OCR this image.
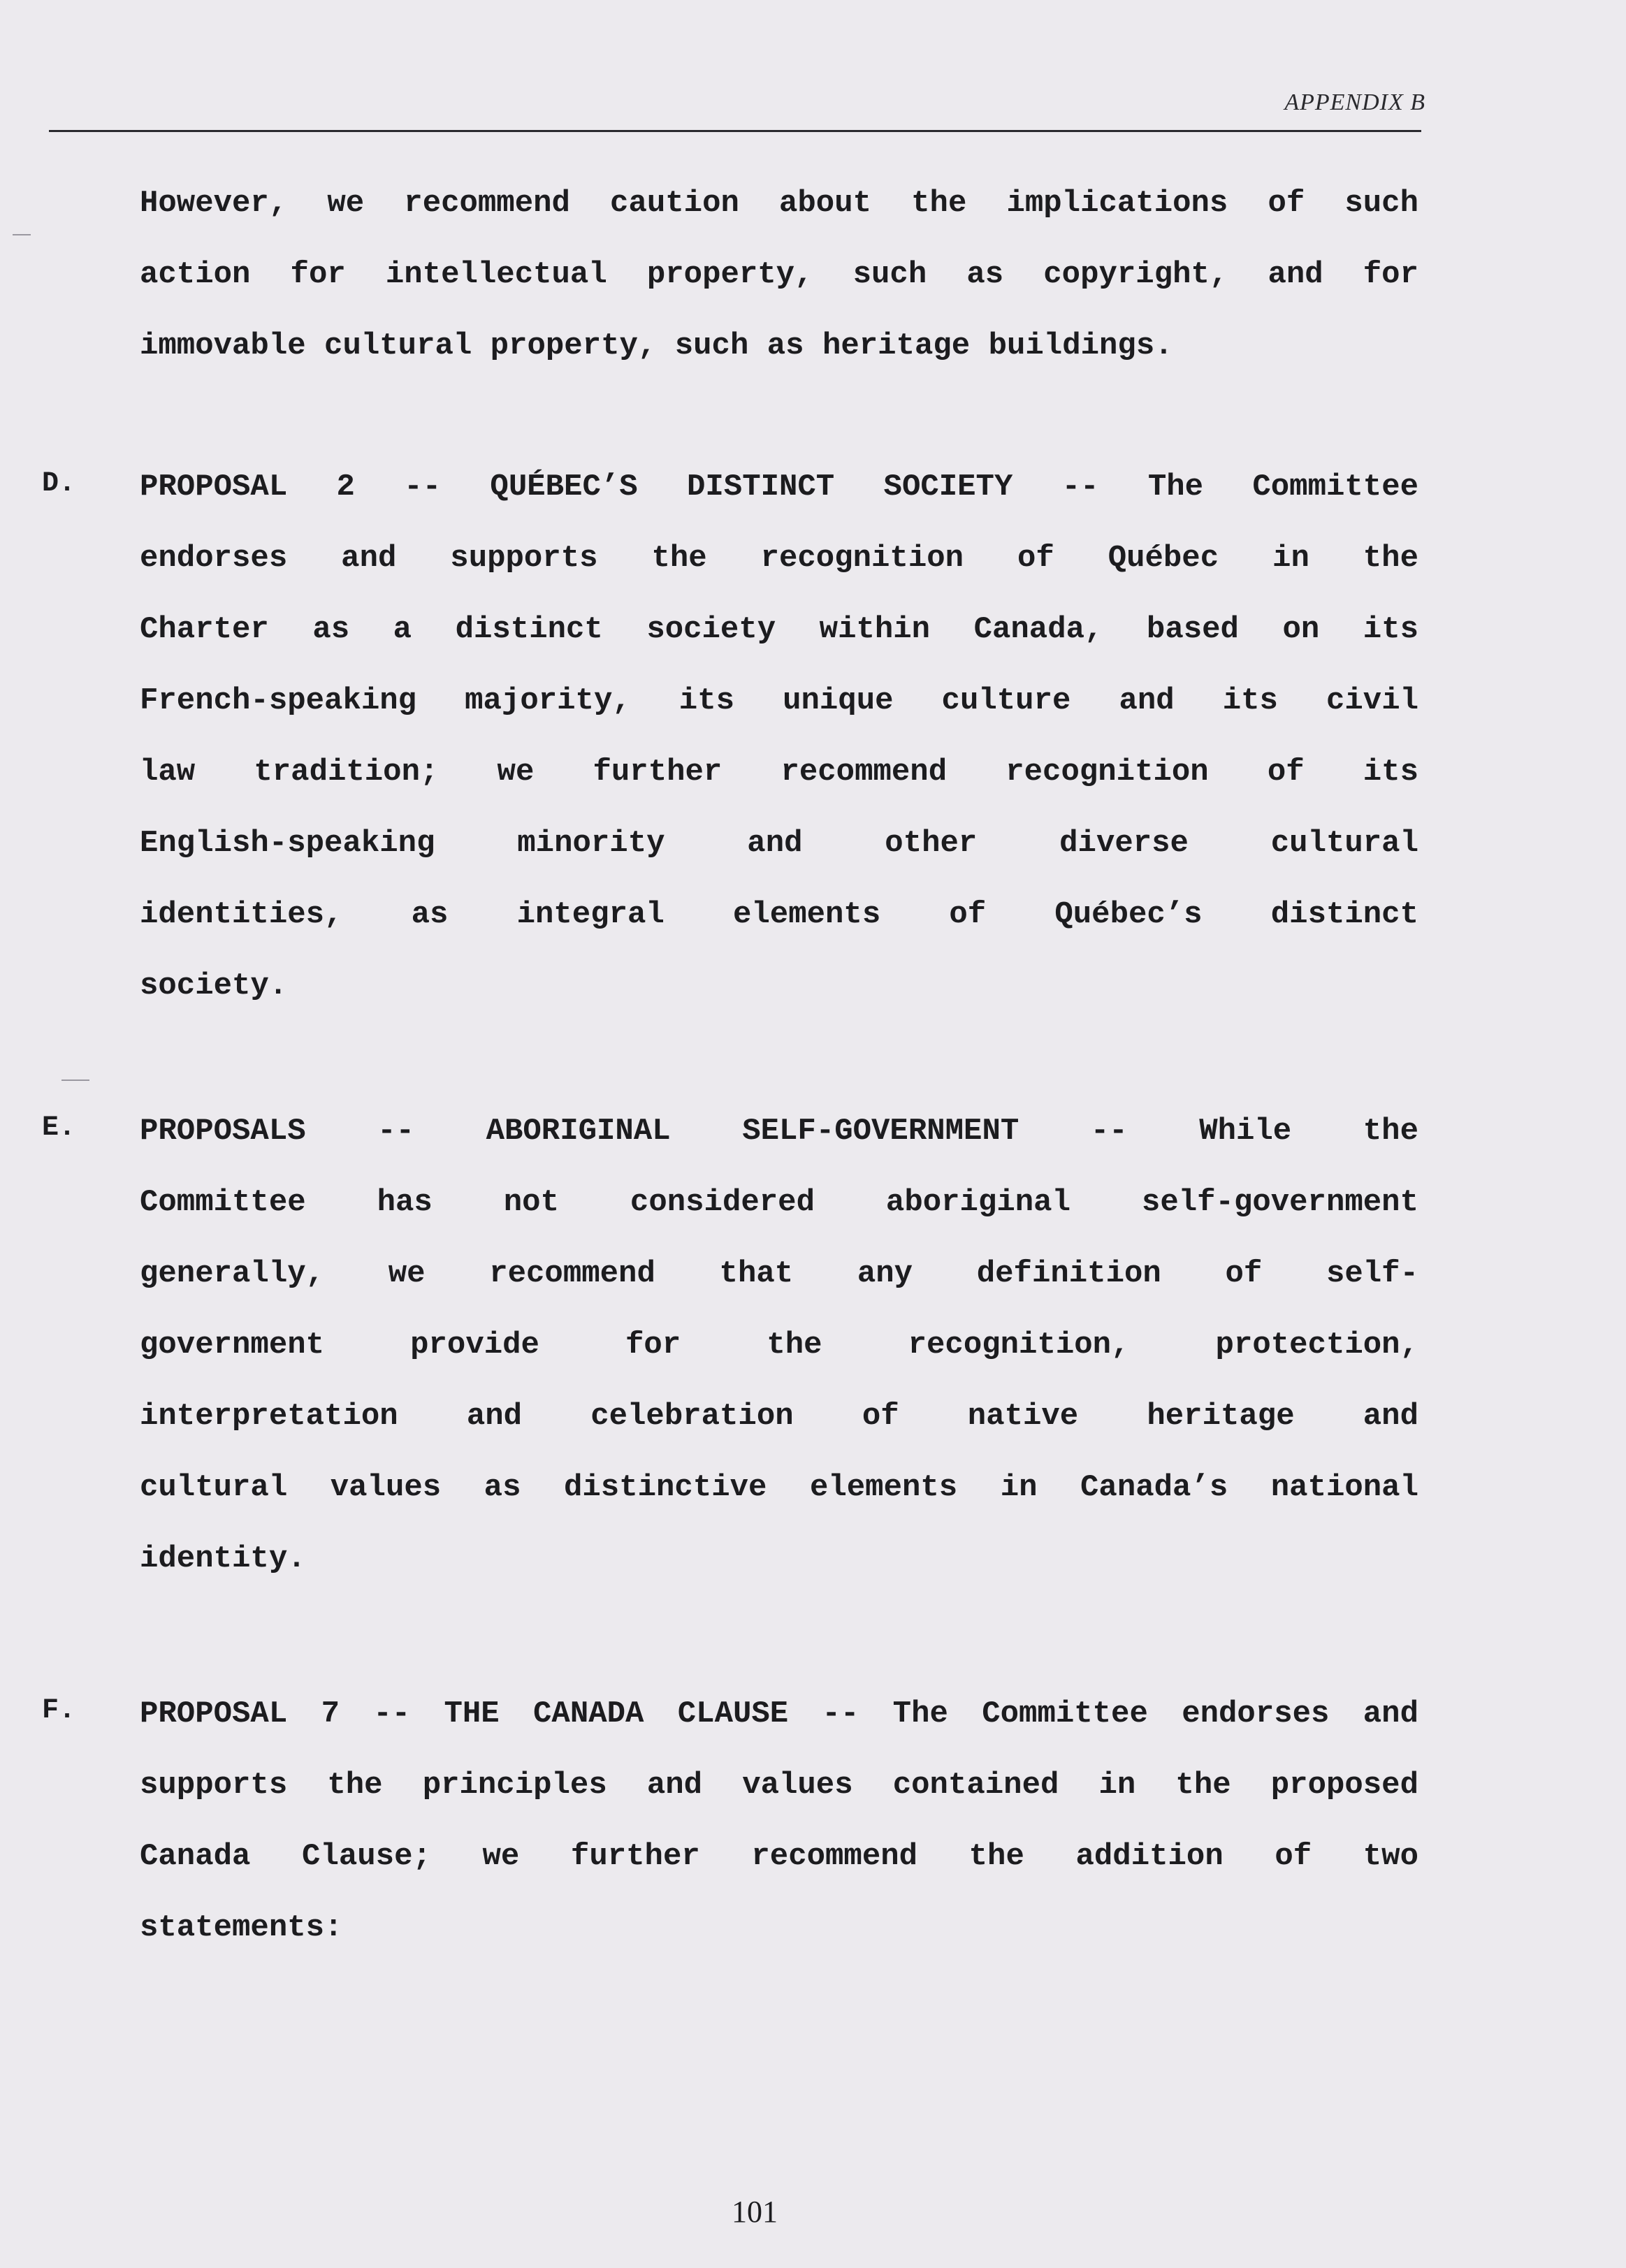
APPENDIX B
However, we recommend caution about the implications of such
action for intellectual property, such as copyright, and for
immovable cultural property, such as heritage buildings.
D. PROPOSAL 2 -- QUÉBEC’S DISTINCT SOCIETY -- The Committee
endorses and supports the recognition of Québec in the
Charter as a distinct society within Canada, based on its
French-speaking majority, its unique culture and its civil
law tradition; we further recommend recognition of its
English-speaking minority and other diverse cultural
identities, as integral elements of Québec’s distinct
society.
E. PROPOSALS -- ABORIGINAL SELF-GOVERNMENT -- While the
Committee has not considered aboriginal self-government
generally, we recommend that any definition of self-
government provide for the recognition, protection,
interpretation and celebration of native heritage and
cultural values as distinctive elements in Canada’s national
identity.
F. PROPOSAL 7 -- THE CANADA CLAUSE -- The Committee endorses and
supports the principles and values contained in the proposed
Canada Clause; we further recommend the addition of two
statements:
101
